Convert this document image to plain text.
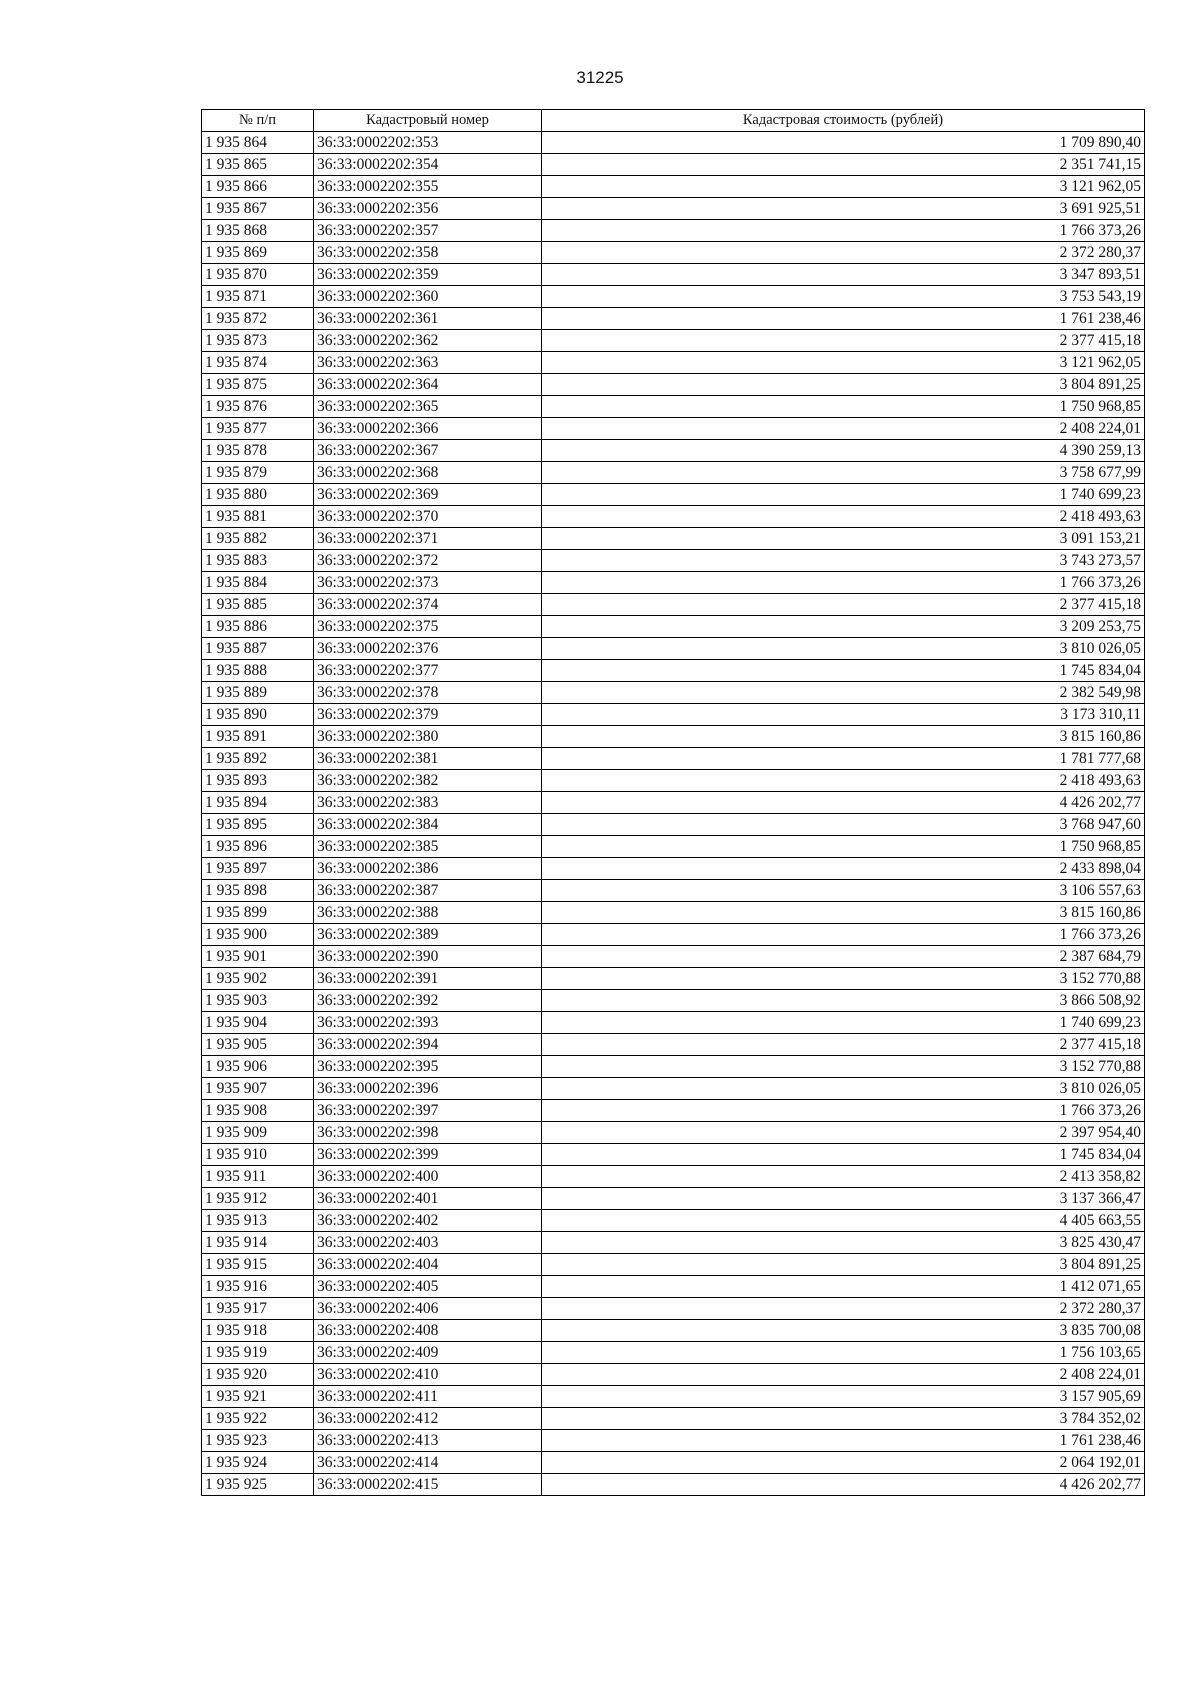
31225
№ п/п	Кадастровый номер	Кадастровая стоимость (рублей)
1 935 864	36:33:0002202:353	1 709 890,40
1 935 865	36:33:0002202:354	2 351 741,15
1 935 866	36:33:0002202:355	3 121 962,05
1 935 867	36:33:0002202:356	3 691 925,51
1 935 868	36:33:0002202:357	1 766 373,26
1 935 869	36:33:0002202:358	2 372 280,37
1 935 870	36:33:0002202:359	3 347 893,51
1 935 871	36:33:0002202:360	3 753 543,19
1 935 872	36:33:0002202:361	1 761 238,46
1 935 873	36:33:0002202:362	2 377 415,18
1 935 874	36:33:0002202:363	3 121 962,05
1 935 875	36:33:0002202:364	3 804 891,25
1 935 876	36:33:0002202:365	1 750 968,85
1 935 877	36:33:0002202:366	2 408 224,01
1 935 878	36:33:0002202:367	4 390 259,13
1 935 879	36:33:0002202:368	3 758 677,99
1 935 880	36:33:0002202:369	1 740 699,23
1 935 881	36:33:0002202:370	2 418 493,63
1 935 882	36:33:0002202:371	3 091 153,21
1 935 883	36:33:0002202:372	3 743 273,57
1 935 884	36:33:0002202:373	1 766 373,26
1 935 885	36:33:0002202:374	2 377 415,18
1 935 886	36:33:0002202:375	3 209 253,75
1 935 887	36:33:0002202:376	3 810 026,05
1 935 888	36:33:0002202:377	1 745 834,04
1 935 889	36:33:0002202:378	2 382 549,98
1 935 890	36:33:0002202:379	3 173 310,11
1 935 891	36:33:0002202:380	3 815 160,86
1 935 892	36:33:0002202:381	1 781 777,68
1 935 893	36:33:0002202:382	2 418 493,63
1 935 894	36:33:0002202:383	4 426 202,77
1 935 895	36:33:0002202:384	3 768 947,60
1 935 896	36:33:0002202:385	1 750 968,85
1 935 897	36:33:0002202:386	2 433 898,04
1 935 898	36:33:0002202:387	3 106 557,63
1 935 899	36:33:0002202:388	3 815 160,86
1 935 900	36:33:0002202:389	1 766 373,26
1 935 901	36:33:0002202:390	2 387 684,79
1 935 902	36:33:0002202:391	3 152 770,88
1 935 903	36:33:0002202:392	3 866 508,92
1 935 904	36:33:0002202:393	1 740 699,23
1 935 905	36:33:0002202:394	2 377 415,18
1 935 906	36:33:0002202:395	3 152 770,88
1 935 907	36:33:0002202:396	3 810 026,05
1 935 908	36:33:0002202:397	1 766 373,26
1 935 909	36:33:0002202:398	2 397 954,40
1 935 910	36:33:0002202:399	1 745 834,04
1 935 911	36:33:0002202:400	2 413 358,82
1 935 912	36:33:0002202:401	3 137 366,47
1 935 913	36:33:0002202:402	4 405 663,55
1 935 914	36:33:0002202:403	3 825 430,47
1 935 915	36:33:0002202:404	3 804 891,25
1 935 916	36:33:0002202:405	1 412 071,65
1 935 917	36:33:0002202:406	2 372 280,37
1 935 918	36:33:0002202:408	3 835 700,08
1 935 919	36:33:0002202:409	1 756 103,65
1 935 920	36:33:0002202:410	2 408 224,01
1 935 921	36:33:0002202:411	3 157 905,69
1 935 922	36:33:0002202:412	3 784 352,02
1 935 923	36:33:0002202:413	1 761 238,46
1 935 924	36:33:0002202:414	2 064 192,01
1 935 925	36:33:0002202:415	4 426 202,77
